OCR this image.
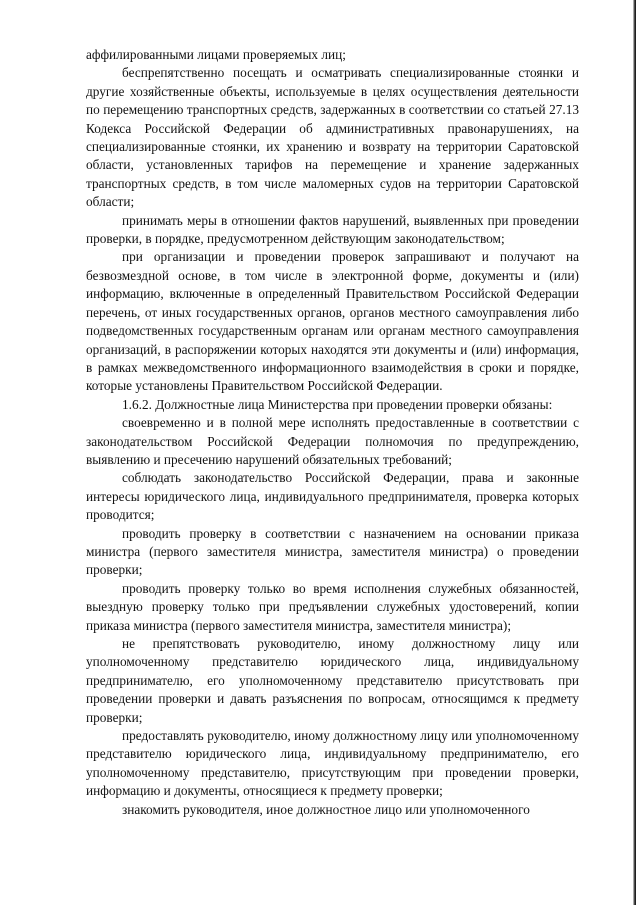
аффилированными лицами проверяемых лиц;

беспрепятственно посещать и осматривать специализированные стоянки и другие хозяйственные объекты, используемые в целях осуществления деятельности по перемещению транспортных средств, задержанных в соответствии со статьей 27.13 Кодекса Российской Федерации об административных правонарушениях, на специализированные стоянки, их хранению и возврату на территории Саратовской области, установленных тарифов на перемещение и хранение задержанных транспортных средств, в том числе маломерных судов на территории Саратовской области;

принимать меры в отношении фактов нарушений, выявленных при проведении проверки, в порядке, предусмотренном действующим законодательством;

при организации и проведении проверок запрашивают и получают на безвозмездной основе, в том числе в электронной форме, документы и (или) информацию, включенные в определенный Правительством Российской Федерации перечень, от иных государственных органов, органов местного самоуправления либо подведомственных государственным органам или органам местного самоуправления организаций, в распоряжении которых находятся эти документы и (или) информация, в рамках межведомственного информационного взаимодействия в сроки и порядке, которые установлены Правительством Российской Федерации.

1.6.2. Должностные лица Министерства при проведении проверки обязаны:

своевременно и в полной мере исполнять предоставленные в соответствии с законодательством Российской Федерации полномочия по предупреждению, выявлению и пресечению нарушений обязательных требований;

соблюдать законодательство Российской Федерации, права и законные интересы юридического лица, индивидуального предпринимателя, проверка которых проводится;

проводить проверку в соответствии с назначением на основании приказа министра (первого заместителя министра, заместителя министра) о проведении проверки;

проводить проверку только во время исполнения служебных обязанностей, выездную проверку только при предъявлении служебных удостоверений, копии приказа министра (первого заместителя министра, заместителя министра);

не препятствовать руководителю, иному должностному лицу или уполномоченному представителю юридического лица, индивидуальному предпринимателю, его уполномоченному представителю присутствовать при проведении проверки и давать разъяснения по вопросам, относящимся к предмету проверки;

предоставлять руководителю, иному должностному лицу или уполномоченному представителю юридического лица, индивидуальному предпринимателю, его уполномоченному представителю, присутствующим при проведении проверки, информацию и документы, относящиеся к предмету проверки;

знакомить руководителя, иное должностное лицо или уполномоченного
